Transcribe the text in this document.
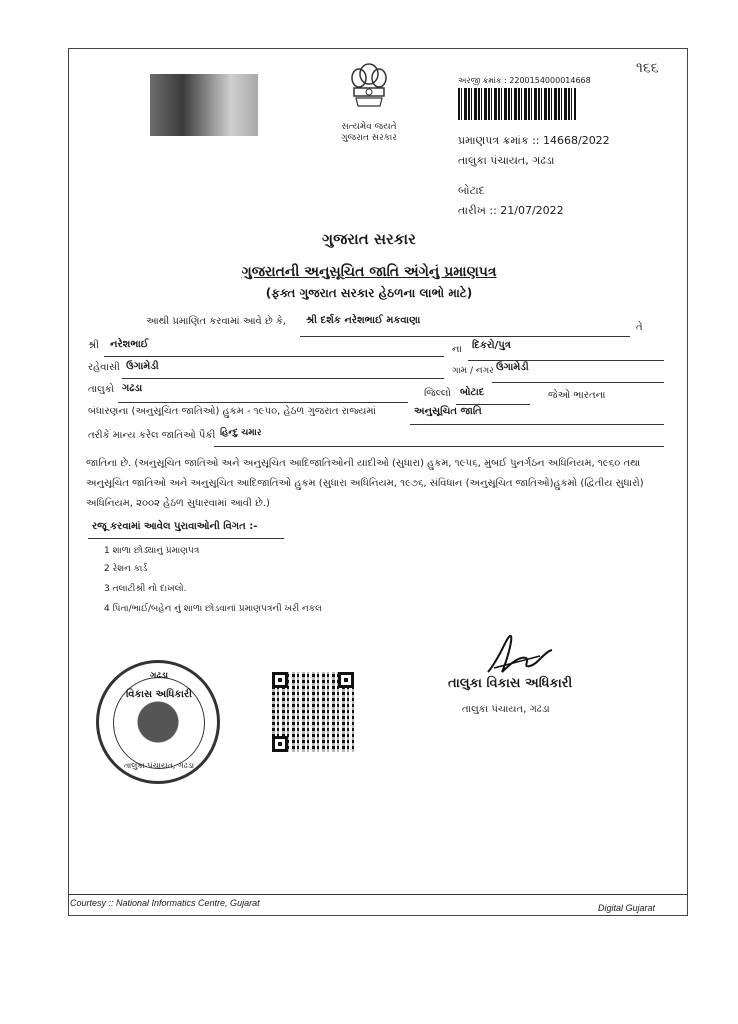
સત્યમેવ જયતે
ગુજરાત સરકાર
અરજી ક્રમાંક : 2200154000014668
૧૬૬
પ્રમાણપત્ર ક્રમાંક :: 14668/2022
તાલુકા પંચાયત, ગઢડા
બોટાદ
તારીખ :: 21/07/2022
ગુજરાત સરકાર
ગુજરાતની અનુસૂચિત જાતિ અંગેનું પ્રમાણપત્ર
(ફક્ત ગુજરાત સરકાર હેઠળના લાભો માટે)
આથી પ્રમાણિત કરવામાં આવે છે કે, શ્રી દર્શક નરેશભાઈ મકવાણા
તે
શ્રી નરેશભાઈ	ના દિકરો/પુત્ર
રહેવાસી ઉગામેડી	ગામ / નગર ઉગામેડી
તાલુકો ગઢડા	જિલ્લો બોટાદ	જેઓ ભારતના
બંધારણના (અનુસૂચિત જાતિઓ) હુકમ - ૧૯૫૦, હેઠળ ગુજરાત રાજ્યમાં	અનુસૂચિત જાતિ
તરીકે માન્ય કરેલ જાતિઓ પૈકી હિન્દુ ચમાર
જાતિના છે. (અનુસૂચિત જાતિઓ અને અનુસૂચિત આદિજાતિઓની યાદીઓ (સુધારા) હુકમ, ૧૯૫૬, મુંબઈ પુનર્ગઠન અધિનિયમ, ૧૯૬૦ તથા
અનુસૂચિત જાતિઓ અને અનુસૂચિત આદિજાતિઓ હુકમ (સુધારા અધિનિયમ, ૧૯૭૬, સંવિધાન (અનુસૂચિત જાતિઓ)હુકમો (દ્વિતીય સુધારો)
અધિનિયમ, ૨૦૦૨ હેઠળ સુધારવામાં આવી છે.)
રજૂ કરવામાં આવેલ પુરાવાઓની વિગત :-
1 શાળા છોડ્યાનું પ્રમાણપત્ર
2 રેશન કાર્ડ
3 તલાટીશ્રી નો દાખલો.
4 પિતા/ભાઈ/બહેન નું શાળા છોડવાનાં પ્રમાણપત્રની ખરી નકલ
ગઢડા
વિકાસ અધિકારી
તાલુકા પંચાયત, ગઢડા
તાલુકા વિકાસ અધિકારી
તાલુકા પંચાયત, ગઢડા
Courtesy :: National Informatics Centre, Gujarat	Digital Gujarat
